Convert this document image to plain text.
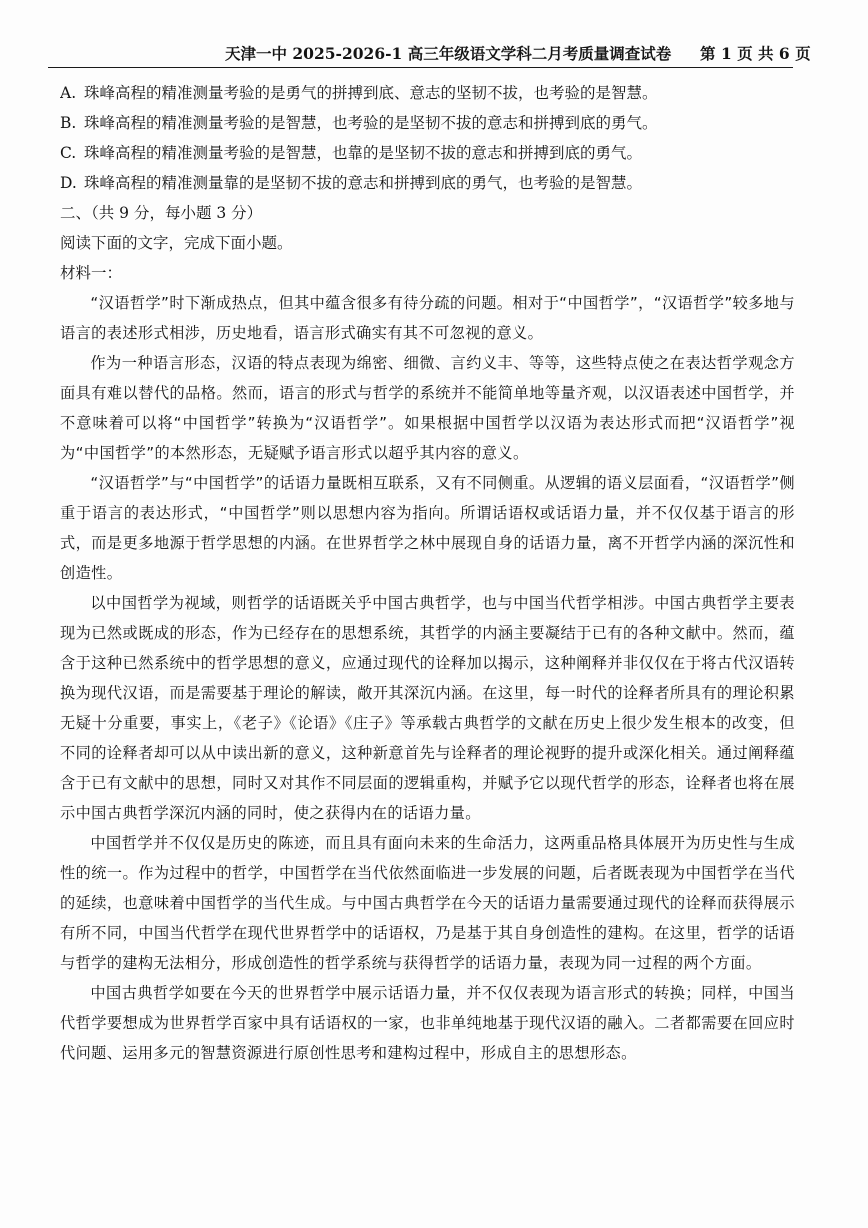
天津一中 2025-2026-1 高三年级语文学科二月考质量调查试卷 第 1 页 共 6 页
A. 珠峰高程的精准测量考验的是勇气的拼搏到底、意志的坚韧不拔，也考验的是智慧。
B. 珠峰高程的精准测量考验的是智慧，也考验的是坚韧不拔的意志和拼搏到底的勇气。
C. 珠峰高程的精准测量考验的是智慧，也靠的是坚韧不拔的意志和拼搏到底的勇气。
D. 珠峰高程的精准测量靠的是坚韧不拔的意志和拼搏到底的勇气，也考验的是智慧。
二、（共 9 分，每小题 3 分）
阅读下面的文字，完成下面小题。
材料一：

“汉语哲学”时下渐成热点，但其中蕴含很多有待分疏的问题。相对于“中国哲学”，“汉语哲学”较多地与语言的表述形式相涉，历史地看，语言形式确实有其不可忽视的意义。

作为一种语言形态，汉语的特点表现为绵密、细微、言约义丰、等等，这些特点使之在表达哲学观念方面具有难以替代的品格。然而，语言的形式与哲学的系统并不能简单地等量齐观，以汉语表述中国哲学，并不意味着可以将“中国哲学”转换为“汉语哲学”。如果根据中国哲学以汉语为表达形式而把“汉语哲学”视为“中国哲学”的本然形态，无疑赋予语言形式以超乎其内容的意义。

“汉语哲学”与“中国哲学”的话语力量既相互联系，又有不同侧重。从逻辑的语义层面看，“汉语哲学”侧重于语言的表达形式，“中国哲学”则以思想内容为指向。所谓话语权或话语力量，并不仅仅基于语言的形式，而是更多地源于哲学思想的内涵。在世界哲学之林中展现自身的话语力量，离不开哲学内涵的深沉性和创造性。

以中国哲学为视域，则哲学的话语既关乎中国古典哲学，也与中国当代哲学相涉。中国古典哲学主要表现为已然或既成的形态，作为已经存在的思想系统，其哲学的内涵主要凝结于已有的各种文献中。然而，蕴含于这种已然系统中的哲学思想的意义，应通过现代的诠释加以揭示，这种阐释并非仅仅在于将古代汉语转换为现代汉语，而是需要基于理论的解读，敞开其深沉内涵。在这里，每一时代的诠释者所具有的理论积累无疑十分重要，事实上，《老子》《论语》《庄子》等承载古典哲学的文献在历史上很少发生根本的改变，但不同的诠释者却可以从中读出新的意义，这种新意首先与诠释者的理论视野的提升或深化相关。通过阐释蕴含于已有文献中的思想，同时又对其作不同层面的逻辑重构，并赋予它以现代哲学的形态，诠释者也将在展示中国古典哲学深沉内涵的同时，使之获得内在的话语力量。

中国哲学并不仅仅是历史的陈迹，而且具有面向未来的生命活力，这两重品格具体展开为历史性与生成性的统一。作为过程中的哲学，中国哲学在当代依然面临进一步发展的问题，后者既表现为中国哲学在当代的延续，也意味着中国哲学的当代生成。与中国古典哲学在今天的话语力量需要通过现代的诠释而获得展示有所不同，中国当代哲学在现代世界哲学中的话语权，乃是基于其自身创造性的建构。在这里，哲学的话语与哲学的建构无法相分，形成创造性的哲学系统与获得哲学的话语力量，表现为同一过程的两个方面。

中国古典哲学如要在今天的世界哲学中展示话语力量，并不仅仅表现为语言形式的转换；同样，中国当代哲学要想成为世界哲学百家中具有话语权的一家，也非单纯地基于现代汉语的融入。二者都需要在回应时代问题、运用多元的智慧资源进行原创性思考和建构过程中，形成自主的思想形态。
